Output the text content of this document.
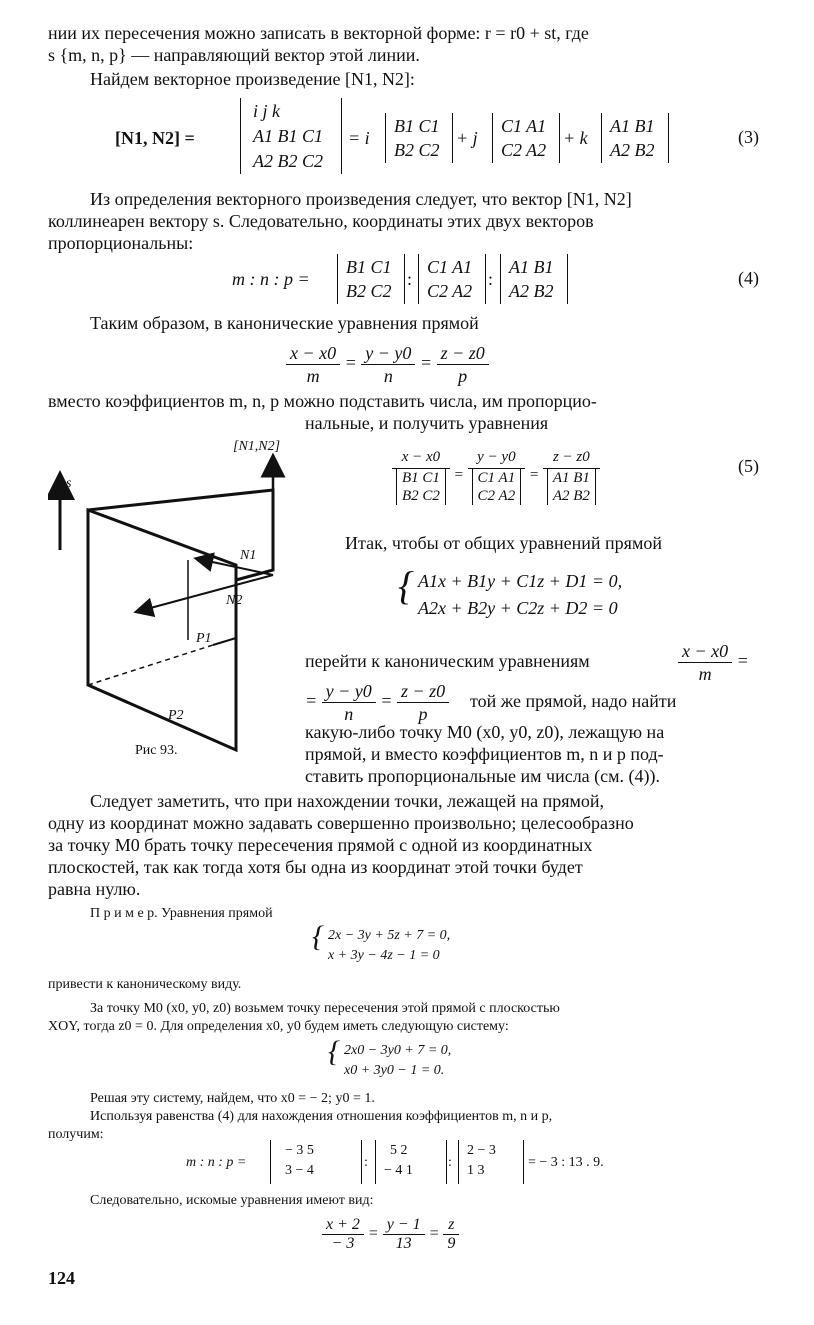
нии их пересечения можно записать в векторной форме: r = r0 + st, где
s {m, n, p} — направляющий вектор этой линии.
Найдем векторное произведение [N1, N2]:
[N1, N2] =
i j k
A1 B1 C1
A2 B2 C2
= i
B1 C1
B2 C2
+ j
C1 A1
C2 A2
+ k
A1 B1
A2 B2
(3)
Из определения векторного произведения следует, что вектор [N1, N2]
коллинеарен вектору s. Следовательно, координаты этих двух векторов
пропорциональны:
m : n : p =
B1 C1
B2 C2
:
C1 A1
C2 A2
:
A1 B1
A2 B2
(4)
Таким образом, в канонические уравнения прямой
$\frac{x - x0}{m} = \frac{y - y0}{n} = \frac{z - z0}{p}$
вместо коэффициентов m, n, p можно подставить числа, им пропорцио-
нальные, и получить уравнения
s
[N1,N2]
N1
N2
P1
P2
Рис 93.
x − x0
B1 C1
B2 C2
=
y − y0
C1 A1
C2 A2
=
z − z0
A1 B1
A2 B2
(5)
Итак, чтобы от общих уравнений прямой
{ A1x + B1y + C1z + D1 = 0,
A2x + B2y + C2z + D2 = 0
перейти к каноническим уравнениям	$\frac{x - x0}{m}$ =
= $\frac{y - y0}{n} = \frac{z - z0}{p}$ той же прямой, надо найти
какую-либо точку M0 (x0, y0, z0), лежащую на
прямой, и вместо коэффициентов m, n и p под-
ставить пропорциональные им числа (см. (4)).
Следует заметить, что при нахождении точки, лежащей на прямой,
одну из координат можно задавать совершенно произвольно; целесообразно
за точку M0 брать точку пересечения прямой с одной из координатных
плоскостей, так как тогда хотя бы одна из координат этой точки будет
равна нулю.
П р и м е р. Уравнения прямой
{ 2x − 3y + 5z + 7 = 0,
x + 3y − 4z − 1 = 0
привести к каноническому виду.
За точку M0 (x0, y0, z0) возьмем точку пересечения этой прямой с плоскостью
XOY, тогда z0 = 0. Для определения x0, y0 будем иметь следующую систему:
{ 2x0 − 3y0 + 7 = 0,
x0 + 3y0 − 1 = 0.
Решая эту систему, найдем, что x0 = − 2; y0 = 1.
Используя равенства (4) для нахождения отношения коэффициентов m, n и p,
получим:
m : n : p =
− 3 5
3 − 4
:
5 2
− 4 1
:
2 − 3
1 3
= − 3 : 13 . 9.
Следовательно, искомые уравнения имеют вид:
$\frac{x + 2}{- 3} = \frac{y - 1}{13} = \frac{z}{9}$
124
